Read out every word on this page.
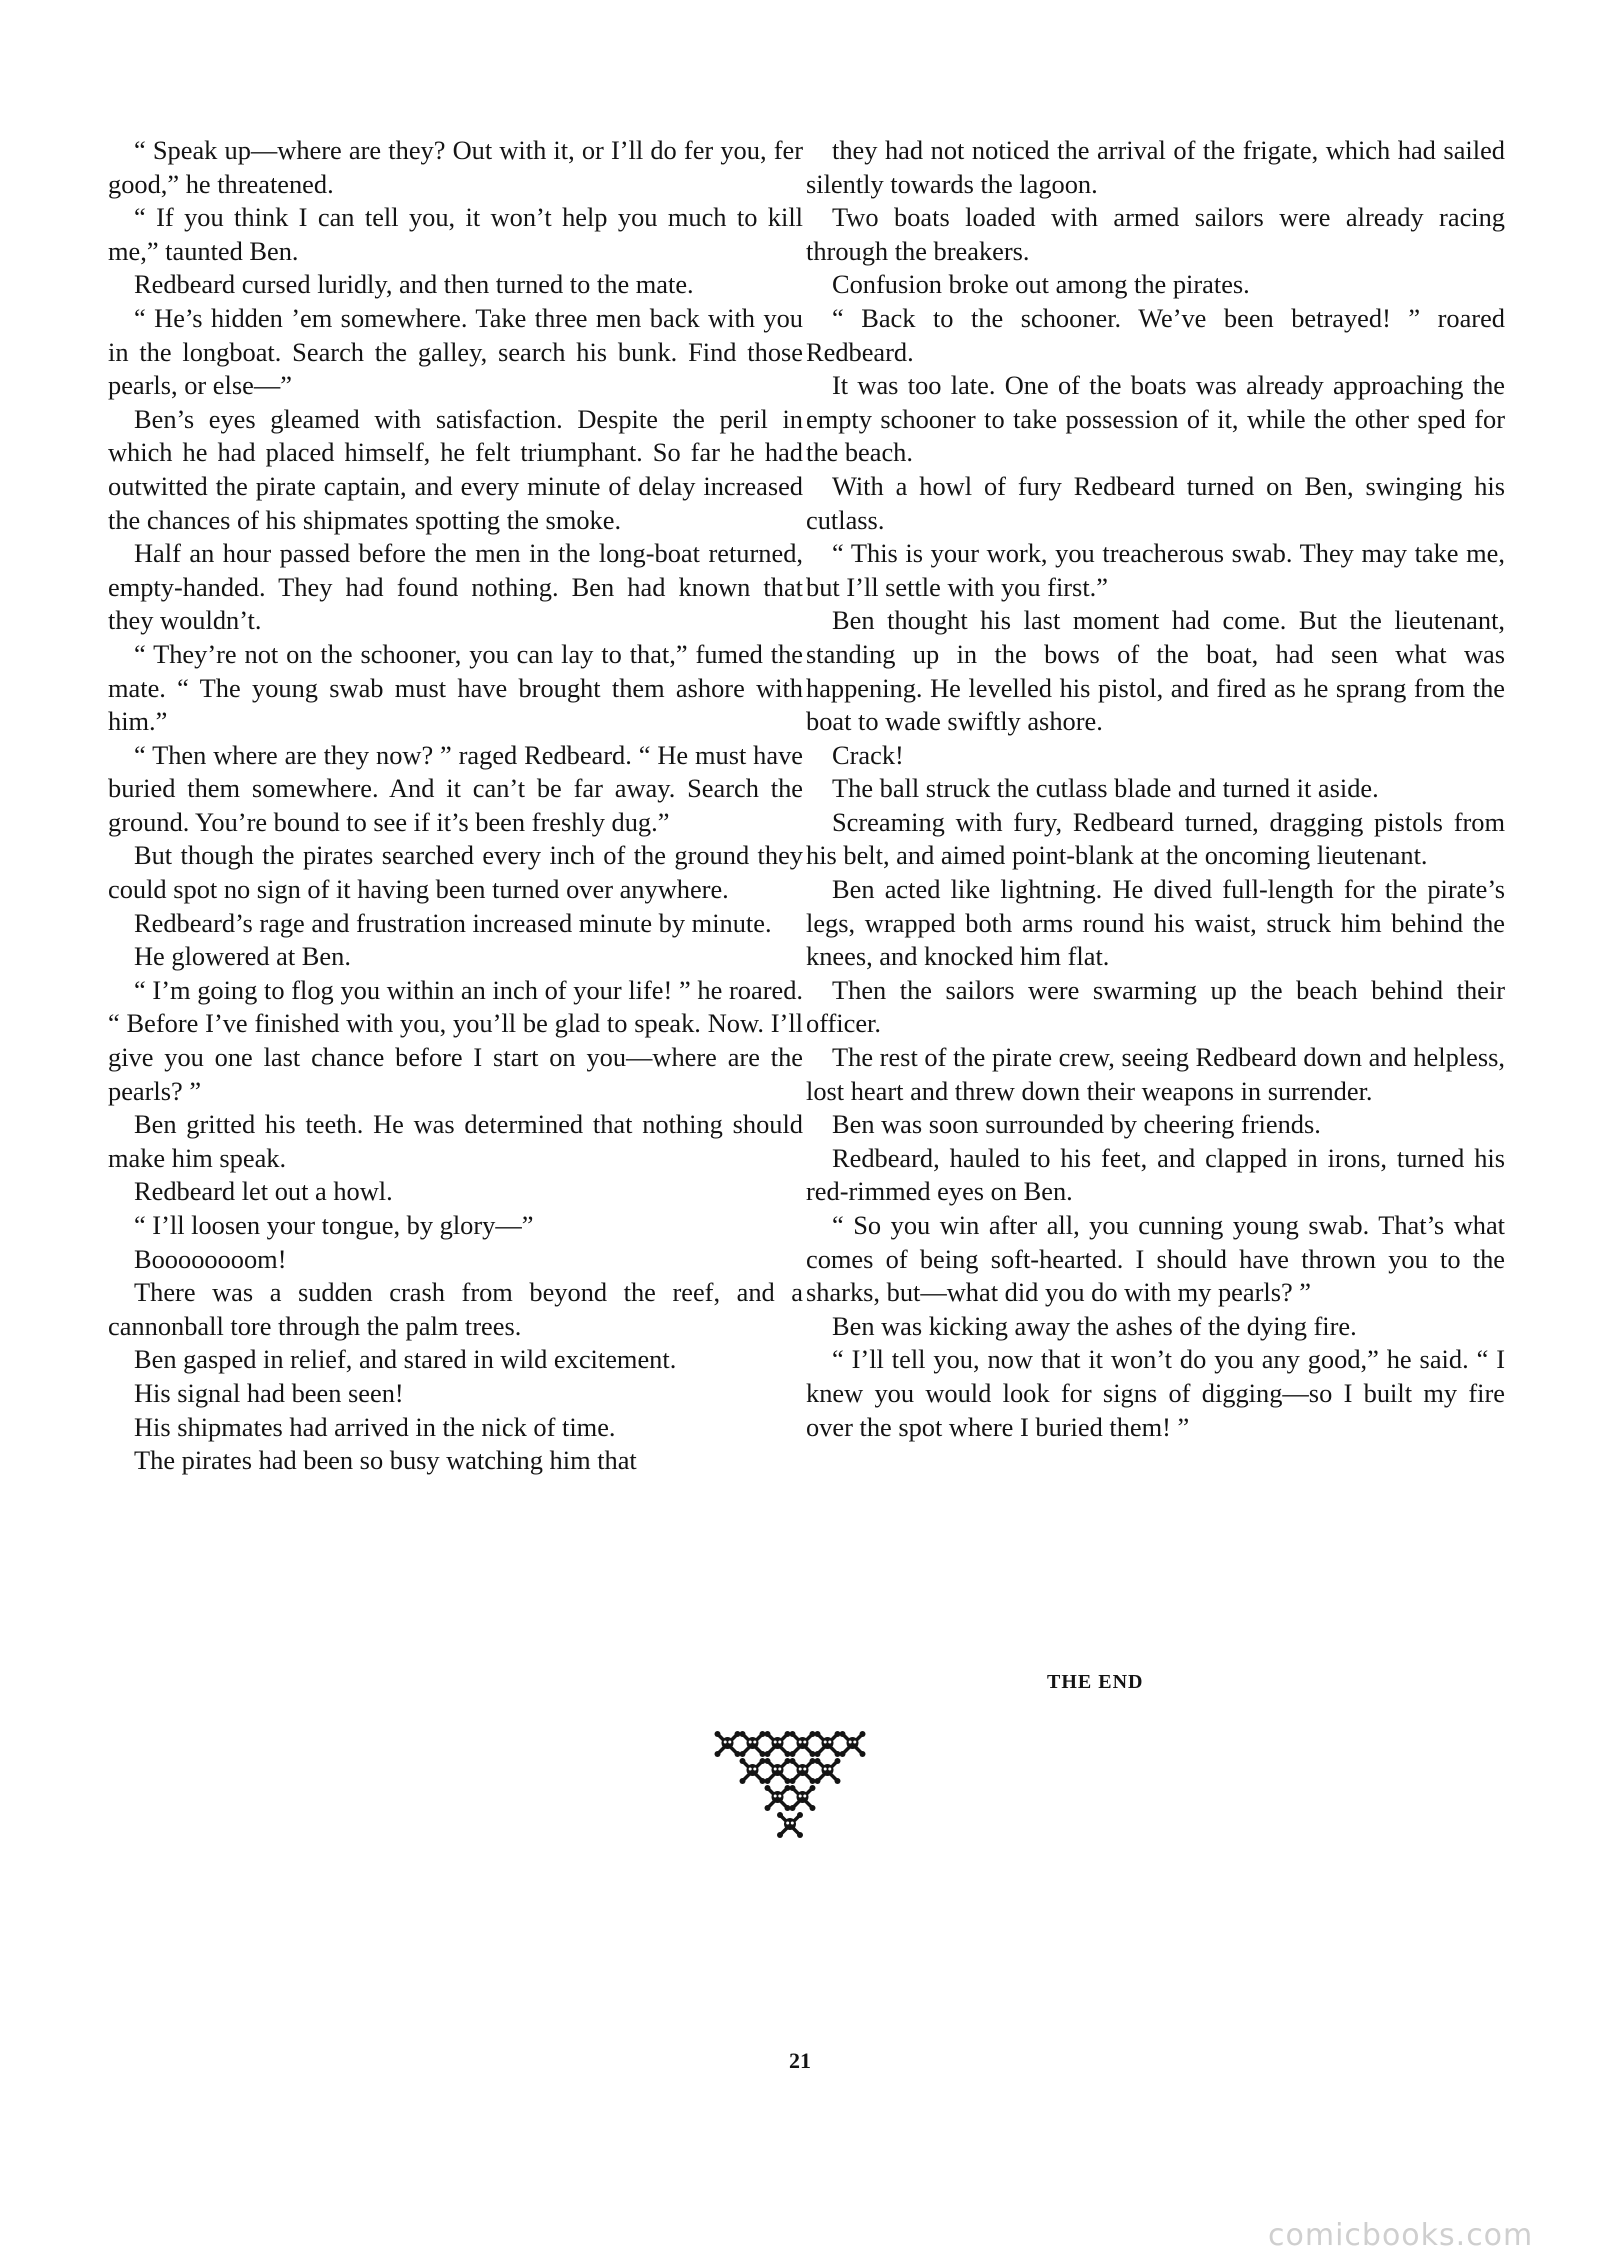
“ Speak up—where are they? Out with it, or I’ll do fer you, fer good,” he threatened.

“ If you think I can tell you, it won’t help you much to kill me,” taunted Ben.

Redbeard cursed luridly, and then turned to the mate.

“ He’s hidden ’em somewhere. Take three men back with you in the longboat. Search the galley, search his bunk. Find those pearls, or else—”

Ben’s eyes gleamed with satisfaction. Despite the peril in which he had placed himself, he felt triumphant. So far he had outwitted the pirate captain, and every minute of delay increased the chances of his shipmates spotting the smoke.

Half an hour passed before the men in the long-boat returned, empty-handed. They had found nothing. Ben had known that they wouldn’t.

“ They’re not on the schooner, you can lay to that,” fumed the mate. “ The young swab must have brought them ashore with him.”

“ Then where are they now? ” raged Redbeard. “ He must have buried them somewhere. And it can’t be far away. Search the ground. You’re bound to see if it’s been freshly dug.”

But though the pirates searched every inch of the ground they could spot no sign of it having been turned over anywhere.

Redbeard’s rage and frustration increased minute by minute.

He glowered at Ben.

“ I’m going to flog you within an inch of your life! ” he roared. “ Before I’ve finished with you, you’ll be glad to speak. Now. I’ll give you one last chance before I start on you—where are the pearls? ”

Ben gritted his teeth. He was determined that nothing should make him speak.

Redbeard let out a howl.

“ I’ll loosen your tongue, by glory—”

Boooooooom!

There was a sudden crash from beyond the reef, and a cannonball tore through the palm trees.

Ben gasped in relief, and stared in wild excitement.

His signal had been seen!

His shipmates had arrived in the nick of time.

The pirates had been so busy watching him that

they had not noticed the arrival of the frigate, which had sailed silently towards the lagoon.

Two boats loaded with armed sailors were already racing through the breakers.

Confusion broke out among the pirates.

“ Back to the schooner. We’ve been betrayed! ” roared Redbeard.

It was too late. One of the boats was already approaching the empty schooner to take possession of it, while the other sped for the beach.

With a howl of fury Redbeard turned on Ben, swinging his cutlass.

“ This is your work, you treacherous swab. They may take me, but I’ll settle with you first.”

Ben thought his last moment had come. But the lieutenant, standing up in the bows of the boat, had seen what was happening. He levelled his pistol, and fired as he sprang from the boat to wade swiftly ashore.

Crack!

The ball struck the cutlass blade and turned it aside.

Screaming with fury, Redbeard turned, dragging pistols from his belt, and aimed point-blank at the oncoming lieutenant.

Ben acted like lightning. He dived full-length for the pirate’s legs, wrapped both arms round his waist, struck him behind the knees, and knocked him flat.

Then the sailors were swarming up the beach behind their officer.

The rest of the pirate crew, seeing Redbeard down and helpless, lost heart and threw down their weapons in surrender.

Ben was soon surrounded by cheering friends.

Redbeard, hauled to his feet, and clapped in irons, turned his red-rimmed eyes on Ben.

“ So you win after all, you cunning young swab. That’s what comes of being soft-hearted. I should have thrown you to the sharks, but—what did you do with my pearls? ”

Ben was kicking away the ashes of the dying fire.

“ I’ll tell you, now that it won’t do you any good,” he said. “ I knew you would look for signs of digging—so I built my fire over the spot where I buried them! ”

THE END
21
comicbooks.com
